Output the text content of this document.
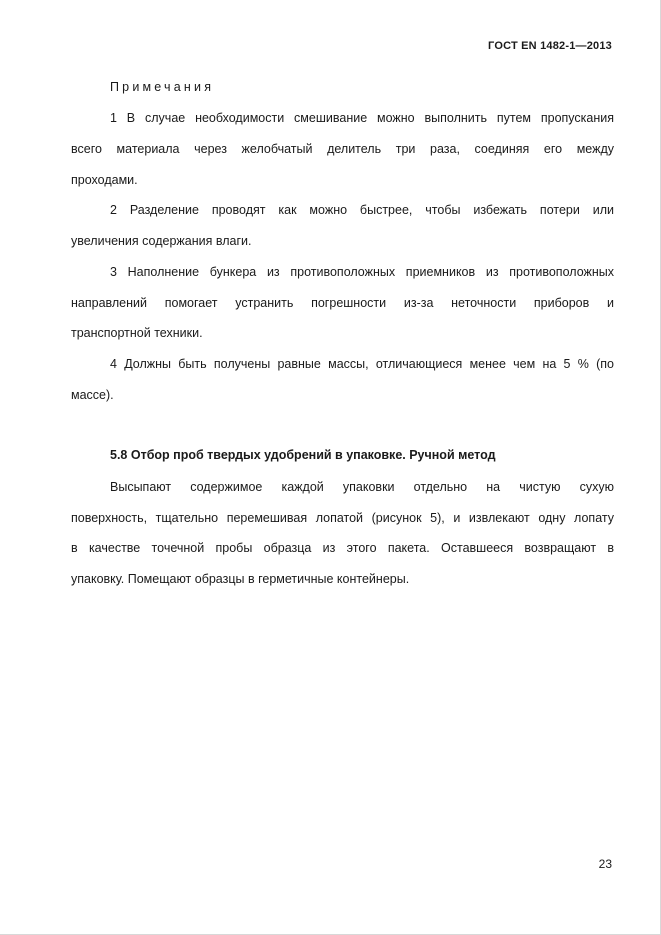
ГОСТ EN 1482-1—2013
Примечания
1 В случае необходимости смешивание можно выполнить путем пропускания
всего материала через желобчатый делитель три раза, соединяя его между
проходами.
2 Разделение проводят как можно быстрее, чтобы избежать потери или
увеличения содержания влаги.
3 Наполнение бункера из противоположных приемников из противоположных
направлений помогает устранить погрешности из-за неточности приборов и
транспортной техники.
4 Должны быть получены равные массы, отличающиеся менее чем на 5 % (по
массе).
5.8 Отбор проб твердых удобрений в упаковке. Ручной метод
Высыпают содержимое каждой упаковки отдельно на чистую сухую
поверхность, тщательно перемешивая лопатой (рисунок 5), и извлекают одну лопату
в качестве точечной пробы образца из этого пакета. Оставшееся возвращают в
упаковку. Помещают образцы в герметичные контейнеры.
23
